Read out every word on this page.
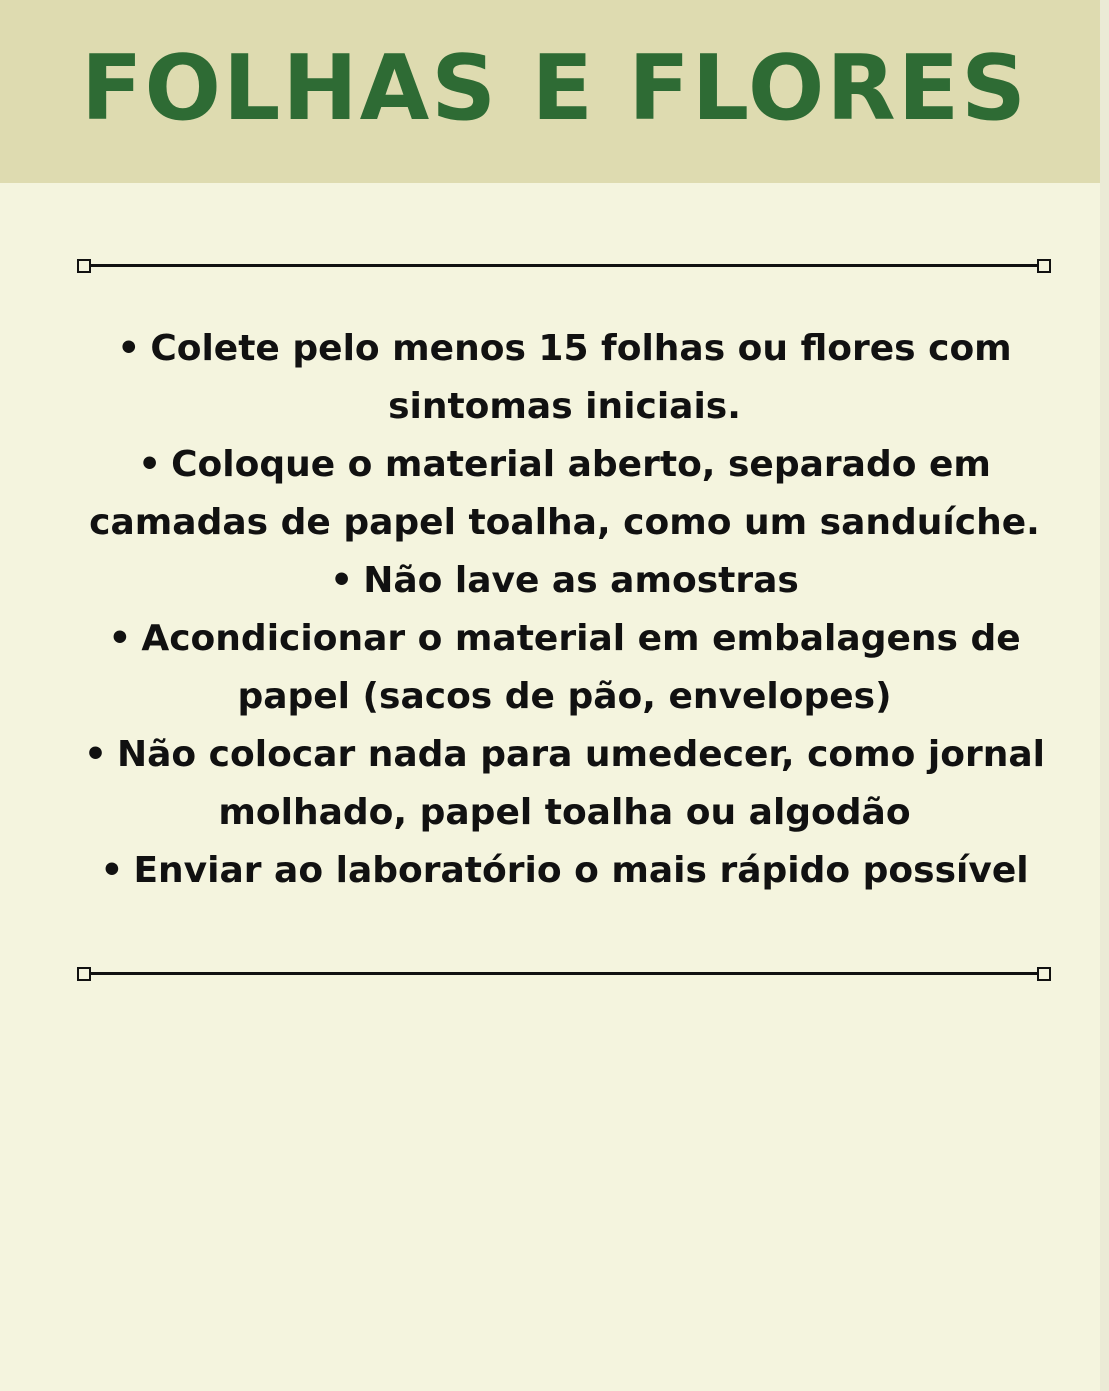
FOLHAS E FLORES
• Colete pelo menos 15 folhas ou flores com sintomas iniciais.
• Coloque o material aberto, separado em camadas de papel toalha, como um sanduíche.
• Não lave as amostras
• Acondicionar o material em embalagens de papel (sacos de pão, envelopes)
• Não colocar nada para umedecer, como jornal molhado, papel toalha ou algodão
• Enviar ao laboratório o mais rápido possível
